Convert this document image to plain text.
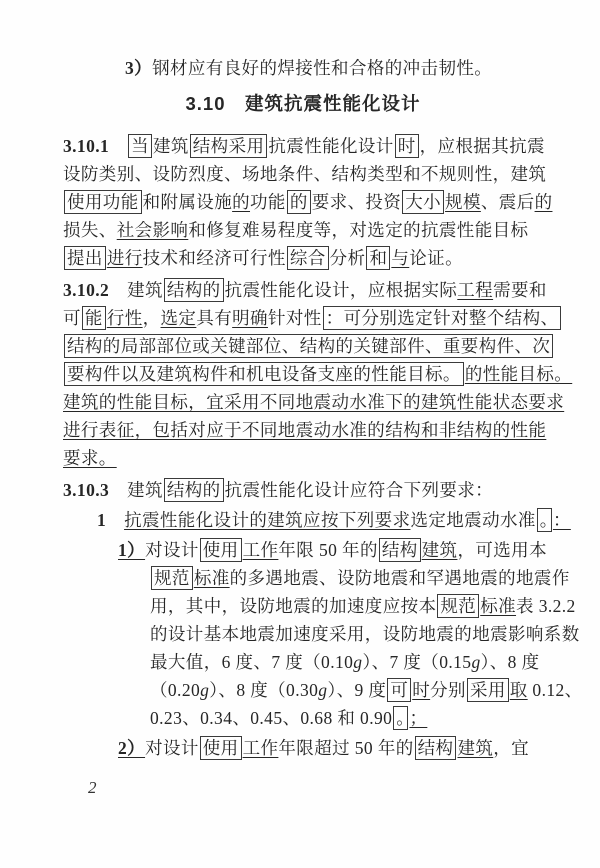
3）钢材应有良好的焊接性和合格的冲击韧性。
3.10　建筑抗震性能化设计
3.10.1　当 建筑 结构采用 抗震性能化设计 时 ，应根据其抗震
设防类别、设防烈度、场地条件、结构类型和不规则性，建筑
使用功能 和附属设施的功能 的 要求、投资 大小 规模、震后的
损失、社会影响和修复难易程度等，对选定的抗震性能目标
提出 进行技术和经济可行性 综合 分析 和 与论证。
3.10.2　建筑 结构的 抗震性能化设计，应根据实际工程需要和
可 能 行性，选定具有明确针对性 ：可分别选定针对整个结构、
结构的局部部位或关键部位、结构的关键部件、重要构件、次
要构件以及建筑构件和机电设备支座的性能目标。 的性能目标。
建筑的性能目标，宜采用不同地震动水准下的建筑性能状态要求
进行表征，包括对应于不同地震动水准的结构和非结构的性能
要求。
3.10.3　建筑 结构的 抗震性能化设计应符合下列要求：
1　 抗震性能化设计的建筑应按下列要求选定地震动水准 。 ：
1）对设计 使用 工作年限 50 年的 结构 建筑，可选用本
规范 标准的多遇地震、设防地震和罕遇地震的地震作
用，其中，设防地震的加速度应按本 规范 标准表 3.2.2
的设计基本地震加速度采用，设防地震的地震影响系数
最大值，6 度、7 度（0.10g）、7 度（0.15g）、8 度
（0.20g）、8 度（0.30g）、9 度 可 时分别 采用 取 0.12、
0.23、0.34、0.45、0.68 和 0.90 。 ；
2）对设计 使用 工作年限超过 50 年的 结构 建筑，宜
2
